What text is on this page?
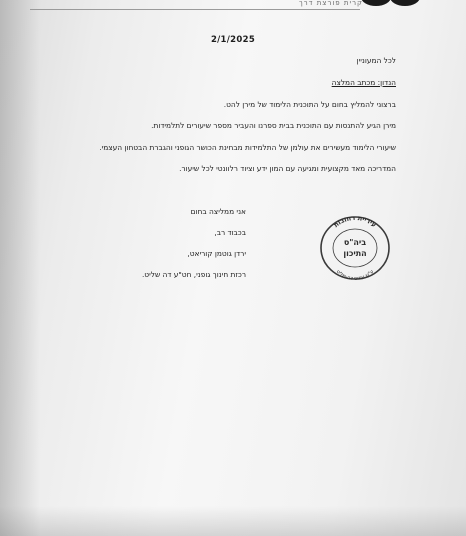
קרית פורצת דרך
2/1/2025
לכל המעוניין
הנדון: מכתב המלצה
ברצוני להמליץ בחום על התוכנית הלימוד של מירן להט.
מירן הגיע להתנסות עם התוכנית בבית ספרנו והעביר מספר שיעורים לתלמידות.
שיעורי הלימוד מעשירים את עולמן של התלמידות מבחינת הכושר הגופני והגברת הבטחון העצמי.
המדריכה מאד מקצועית ומגיעה עם המון ידע וציוד רלוונטי לכל שיעור.
אני ממליצה בחום
בכבוד רב,
ירדן גוטמן קוריאט,
רכזת חינוך גופני, חט"ע דה שליט.
עיריית רחובות
ביה"ס
התיכון
ע"ש עמוס דה-שליט
